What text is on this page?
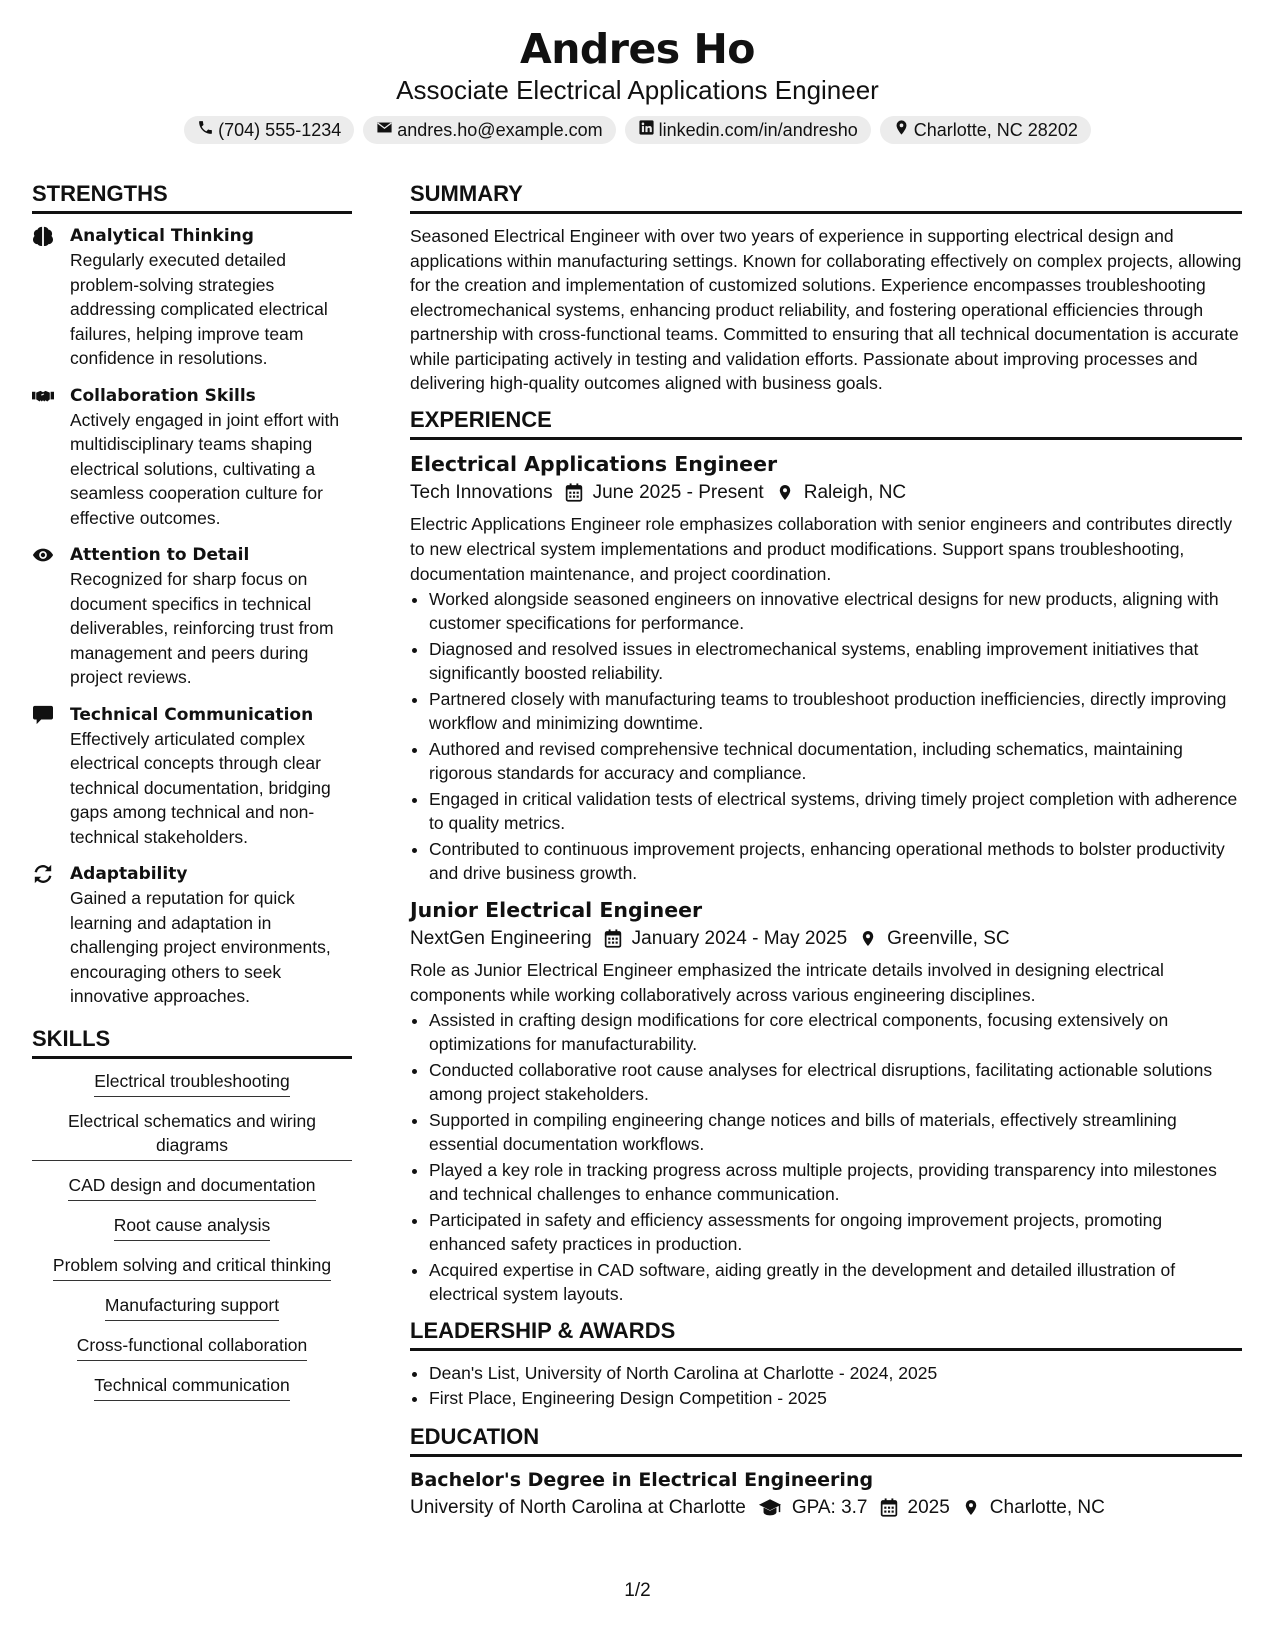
Andres Ho
Associate Electrical Applications Engineer
(704) 555-1234	andres.ho@example.com	linkedin.com/in/andresho	Charlotte, NC 28202
STRENGTHS
Analytical Thinking

Regularly executed detailed problem-solving strategies addressing complicated electrical failures, helping improve team confidence in resolutions.

Collaboration Skills

Actively engaged in joint effort with multidisciplinary teams shaping electrical solutions, cultivating a seamless cooperation culture for effective outcomes.

Attention to Detail

Recognized for sharp focus on document specifics in technical deliverables, reinforcing trust from management and peers during project reviews.

Technical Communication

Effectively articulated complex electrical concepts through clear technical documentation, bridging gaps among technical and non-technical stakeholders.

Adaptability

Gained a reputation for quick learning and adaptation in challenging project environments, encouraging others to seek innovative approaches.

SKILLS
Electrical troubleshooting
Electrical schematics and wiring diagrams
CAD design and documentation
Root cause analysis
Problem solving and critical thinking
Manufacturing support
Cross-functional collaboration
Technical communication
SUMMARY

Seasoned Electrical Engineer with over two years of experience in supporting electrical design and applications within manufacturing settings. Known for collaborating effectively on complex projects, allowing for the creation and implementation of customized solutions. Experience encompasses troubleshooting electromechanical systems, enhancing product reliability, and fostering operational efficiencies through partnership with cross-functional teams. Committed to ensuring that all technical documentation is accurate while participating actively in testing and validation efforts. Passionate about improving processes and delivering high-quality outcomes aligned with business goals.

EXPERIENCE
Electrical Applications Engineer
Tech Innovations June 2025 - Present Raleigh, NC

Electric Applications Engineer role emphasizes collaboration with senior engineers and contributes directly to new electrical system implementations and product modifications. Support spans troubleshooting, documentation maintenance, and project coordination.

• Worked alongside seasoned engineers on innovative electrical designs for new products, aligning with customer specifications for performance.
• Diagnosed and resolved issues in electromechanical systems, enabling improvement initiatives that significantly boosted reliability.
• Partnered closely with manufacturing teams to troubleshoot production inefficiencies, directly improving workflow and minimizing downtime.
• Authored and revised comprehensive technical documentation, including schematics, maintaining rigorous standards for accuracy and compliance.
• Engaged in critical validation tests of electrical systems, driving timely project completion with adherence to quality metrics.
• Contributed to continuous improvement projects, enhancing operational methods to bolster productivity and drive business growth.
Junior Electrical Engineer
NextGen Engineering January 2024 - May 2025 Greenville, SC

Role as Junior Electrical Engineer emphasized the intricate details involved in designing electrical components while working collaboratively across various engineering disciplines.

• Assisted in crafting design modifications for core electrical components, focusing extensively on optimizations for manufacturability.
• Conducted collaborative root cause analyses for electrical disruptions, facilitating actionable solutions among project stakeholders.
• Supported in compiling engineering change notices and bills of materials, effectively streamlining essential documentation workflows.
• Played a key role in tracking progress across multiple projects, providing transparency into milestones and technical challenges to enhance communication.
• Participated in safety and efficiency assessments for ongoing improvement projects, promoting enhanced safety practices in production.
• Acquired expertise in CAD software, aiding greatly in the development and detailed illustration of electrical system layouts.
LEADERSHIP & AWARDS
• Dean's List, University of North Carolina at Charlotte - 2024, 2025
• First Place, Engineering Design Competition - 2025
EDUCATION
Bachelor's Degree in Electrical Engineering
University of North Carolina at Charlotte GPA: 3.7 2025 Charlotte, NC
1/2
